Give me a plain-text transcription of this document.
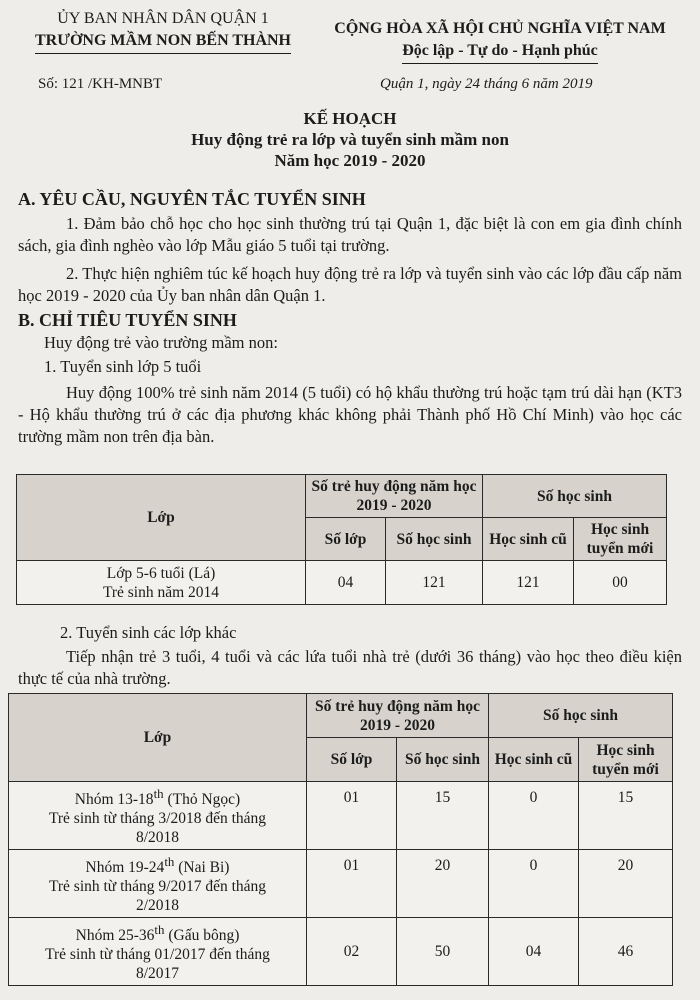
ỦY BAN NHÂN DÂN QUẬN 1
TRƯỜNG MẦM NON BẾN THÀNH
CỘNG HÒA XÃ HỘI CHỦ NGHĨA VIỆT NAM
Độc lập - Tự do - Hạnh phúc
Số: 121 /KH-MNBT	Quận 1, ngày 24 tháng 6 năm 2019
KẾ HOẠCH
Huy động trẻ ra lớp và tuyển sinh mầm non
Năm học 2019 - 2020
A. YÊU CẦU, NGUYÊN TẮC TUYỂN SINH
1. Đảm bảo chỗ học cho học sinh thường trú tại Quận 1, đặc biệt là con em gia đình chính sách, gia đình nghèo vào lớp Mẫu giáo 5 tuổi tại trường.
2. Thực hiện nghiêm túc kế hoạch huy động trẻ ra lớp và tuyển sinh vào các lớp đầu cấp năm học 2019 - 2020 của Ủy ban nhân dân Quận 1.
B. CHỈ TIÊU TUYỂN SINH
Huy động trẻ vào trường mầm non:
1. Tuyển sinh lớp 5 tuổi
Huy động 100% trẻ sinh năm 2014 (5 tuổi) có hộ khẩu thường trú hoặc tạm trú dài hạn (KT3 - Hộ khẩu thường trú ở các địa phương khác không phải Thành phố Hồ Chí Minh) vào học các trường mầm non trên địa bàn.
Lớp	Số trẻ huy động năm học 2019 - 2020		Số học sinh	
	Số lớp	Số học sinh	Học sinh cũ	Học sinh tuyển mới

Lớp 5-6 tuổi (Lá)
Trẻ sinh năm 2014	04	121	121	00
2. Tuyển sinh các lớp khác
Tiếp nhận trẻ 3 tuổi, 4 tuổi và các lứa tuổi nhà trẻ (dưới 36 tháng) vào học theo điều kiện thực tế của nhà trường.
Lớp	Số trẻ huy động năm học 2019 - 2020		Số học sinh	
	Số lớp	Số học sinh	Học sinh cũ	Học sinh tuyển mới

Nhóm 13-18th (Thỏ Ngọc)
Trẻ sinh từ tháng 3/2018 đến tháng
8/2018	01	15	0	15

Nhóm 19-24th (Nai Bi)
Trẻ sinh từ tháng 9/2017 đến tháng
2/2018	01	20	0	20

Nhóm 25-36th (Gấu bông)
Trẻ sinh từ tháng 01/2017 đến tháng
8/2017	02	50	04	46
